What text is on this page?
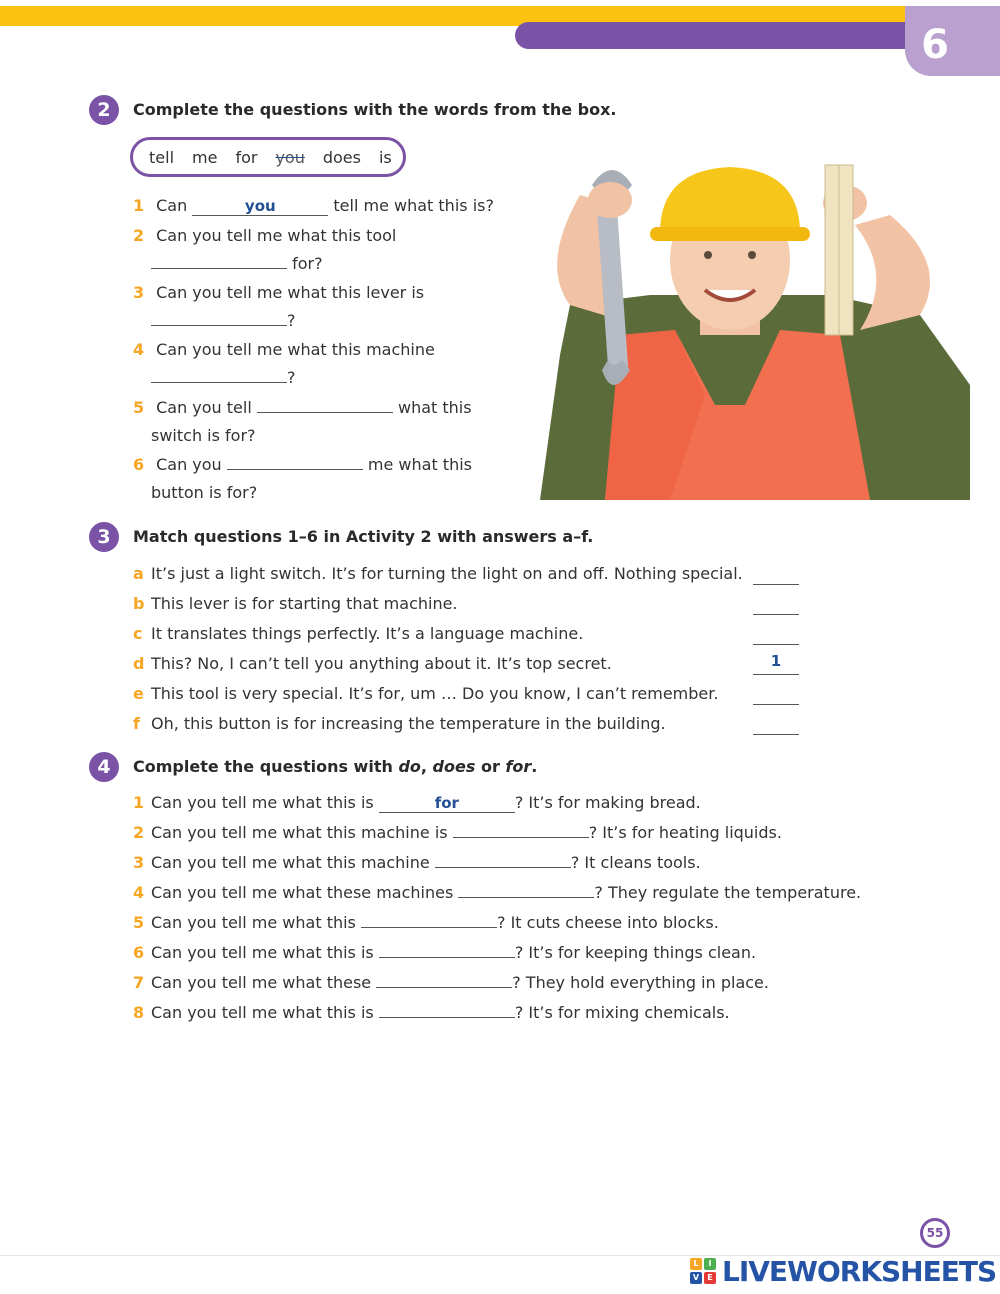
6
2	Complete the questions with the words from the box.
tell me for you does is
1 Can	you	tell me what this is?
2 Can you tell me what this tool
for?
3 Can you tell me what this lever is
?
4 Can you tell me what this machine
?
5 Can you tell	what this
switch is for?
6 Can you	me what this
button is for?
3	Match questions 1–6 in Activity 2 with answers a–f.
a It’s just a light switch. It’s for turning the light on and off. Nothing special.
b This lever is for starting that machine.
c It translates things perfectly. It’s a language machine.
d This? No, I can’t tell you anything about it. It’s top secret.	1
e This tool is very special. It’s for, um … Do you know, I can’t remember.
f Oh, this button is for increasing the temperature in the building.
4	Complete the questions with do, does or for.
1 Can you tell me what this is	for	? It’s for making bread.
2 Can you tell me what this machine is	? It’s for heating liquids.
3 Can you tell me what this machine	? It cleans tools.
4 Can you tell me what these machines	? They regulate the temperature.
5 Can you tell me what this	? It cuts cheese into blocks.
6 Can you tell me what this is	? It’s for keeping things clean.
7 Can you tell me what these	? They hold everything in place.
8 Can you tell me what this is	? It’s for mixing chemicals.
55
L	I
V	E LIVEWORKSHEETS
